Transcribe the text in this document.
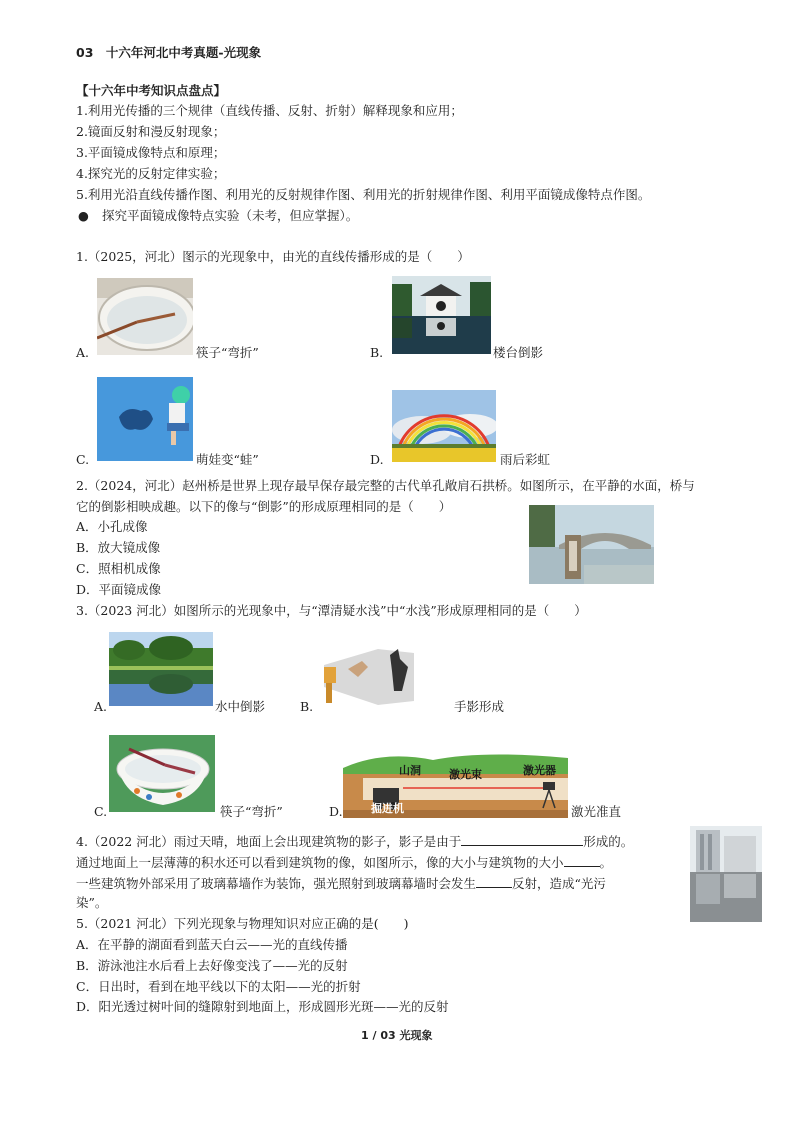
03　十六年河北中考真题-光现象
【十六年中考知识点盘点】
1.利用光传播的三个规律（直线传播、反射、折射）解释现象和应用；
2.镜面反射和漫反射现象；
3.平面镜成像特点和原理；
4.探究光的反射定律实验；
5.利用光沿直线传播作图、利用光的反射规律作图、利用光的折射规律作图、利用平面镜成像特点作图。
● 探究平面镜成像特点实验（未考，但应掌握）。
1.（2025，河北）图示的光现象中，由光的直线传播形成的是（　　）
A.	筷子“弯折”	B.	楼台倒影
C.	萌娃变“蛙”	D.	雨后彩虹
2.（2024，河北）赵州桥是世界上现存最早保存最完整的古代单孔敞肩石拱桥。如图所示，在平静的水面，桥与
它的倒影相映成趣。以下的像与“倒影”的形成原理相同的是（　　）
A．小孔成像
B．放大镜成像
C．照相机成像
D．平面镜成像
3.（2023 河北）如图所示的光现象中，与“潭清疑水浅”中“水浅”形成原理相同的是（　　）
A.	水中倒影	B.	手影形成
C.	筷子“弯折”
山洞	激光束	激光器
掘进机
D.	激光准直
4.（2022 河北）雨过天晴，地面上会出现建筑物的影子，影子是由于	形成的。
通过地面上一层薄薄的积水还可以看到建筑物的像，如图所示，像的大小与建筑物的大小	。
一些建筑物外部采用了玻璃幕墙作为装饰，强光照射到玻璃幕墙时会发生	反射，造成“光污
染”。
5.（2021 河北）下列光现象与物理知识对应正确的是(　　)
A．在平静的湖面看到蓝天白云——光的直线传播
B．游泳池注水后看上去好像变浅了——光的反射
C．日出时，看到在地平线以下的太阳——光的折射
D．阳光透过树叶间的缝隙射到地面上，形成圆形光斑——光的反射
1 / 03 光现象
